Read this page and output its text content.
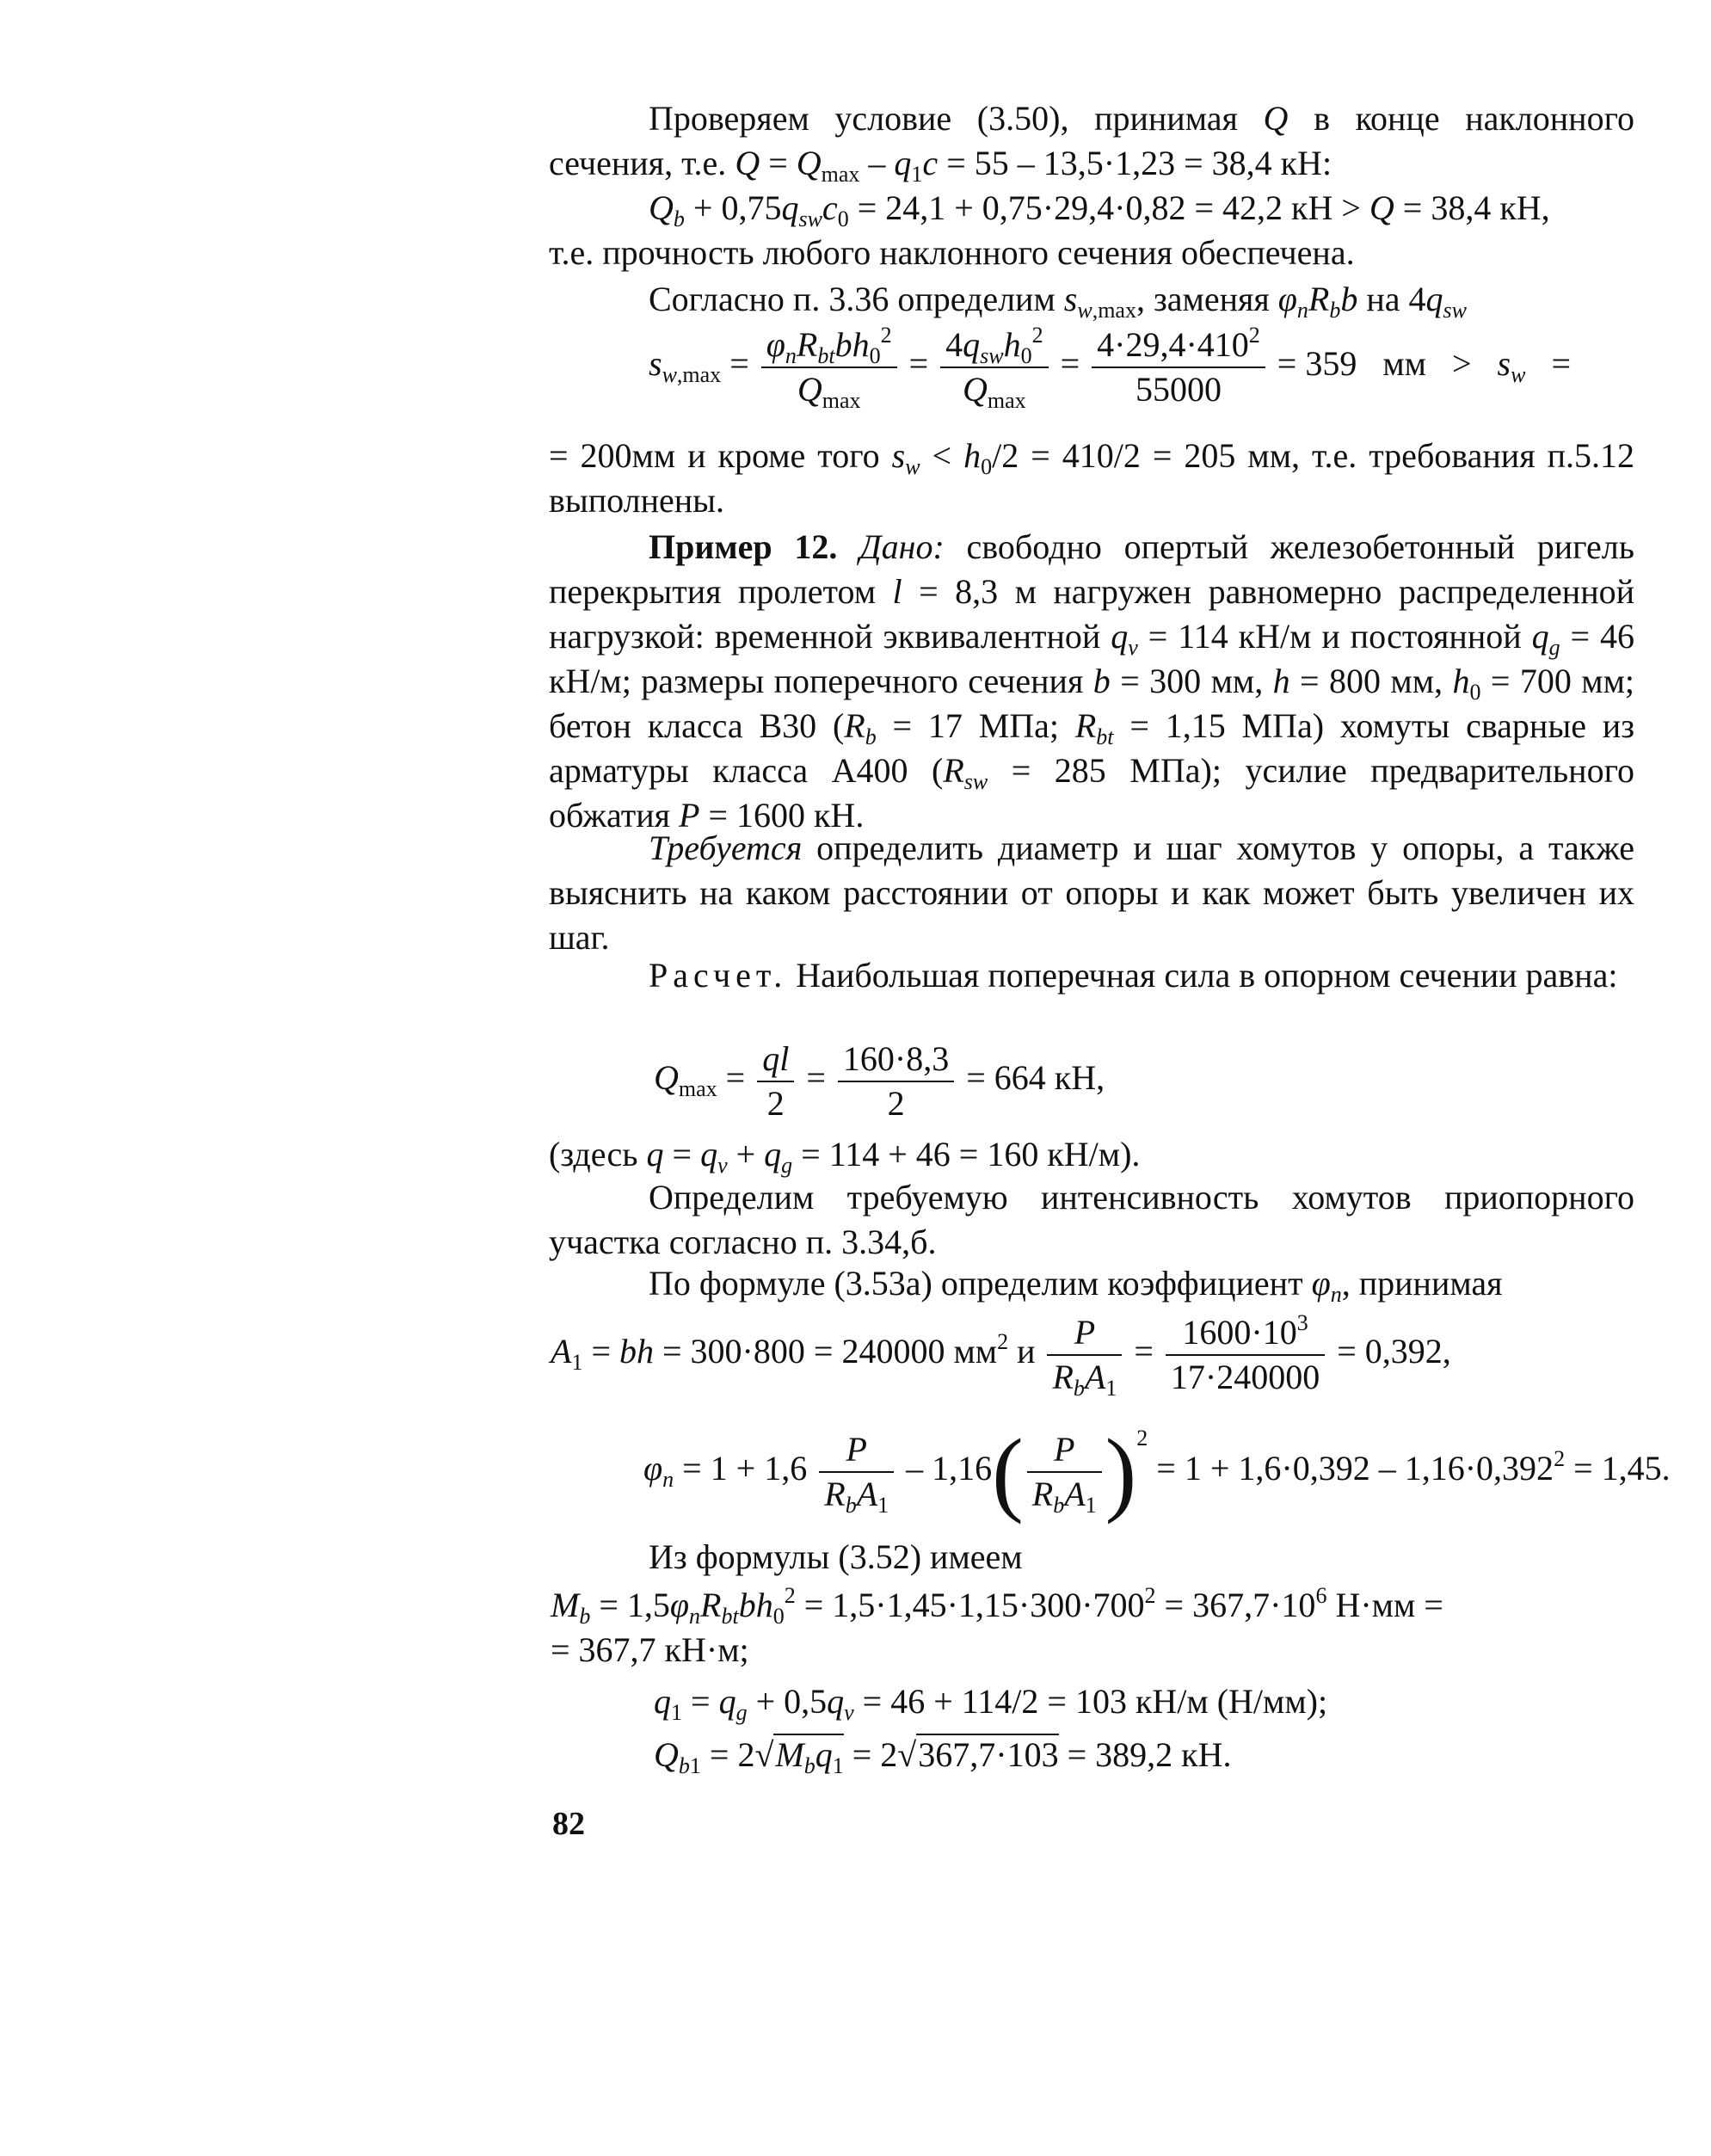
Проверяем условие (3.50), принимая Q в конце наклонного сечения, т.е. $Q = Q_{max} - q_1c = 55 - 13,5\cdot 1,23 = 38,4$ кН:

$Q_b + 0,75q_{sw}c_0 = 24,1 + 0,75\cdot 29,4\cdot 0,82 = 42,2$ кН > Q = 38,4 кН,

т.е. прочность любого наклонного сечения обеспечена.

Согласно п. 3.36 определим $s_{w,max}$, заменяя $\varphi_nR_bb$ на $4q_{sw}$

$s_{w,max} = \frac{\varphi_nR_{bt}bh_0^2}{Q_{max}} = \frac{4q_{sw}h_0^2}{Q_{max}} = \frac{4\cdot 29,4\cdot 410^2}{55000} = 359$   мм   >   $s_w$   =

= 200мм и кроме того $s_w < h_0/2 = 410/2 = 205$ мм, т.е. требования п.5.12 выполнены.

Пример 12. Дано: свободно опертый железобетонный ригель перекрытия пролетом l = 8,3 м нагружен равномерно распределенной нагрузкой: временной эквивалентной $q_v = 114$ кН/м и постоянной $q_g = 46$ кН/м; размеры поперечного сечения b = 300 мм, h = 800 мм, $h_0 = 700$ мм; бетон класса В30 ($R_b = 17$ МПа; $R_{bt} = 1,15$ МПа) хомуты сварные из арматуры класса А400 ($R_{sw} = 285$ МПа); усилие предварительного обжатия P = 1600 кН.

Требуется определить диаметр и шаг хомутов у опоры, а также выяснить на каком расстоянии от опоры и как может быть увеличен их шаг.

Расчет. Наибольшая поперечная сила в опорном сечении равна:

$Q_{max} = \frac{ql}{2} = \frac{160\cdot 8,3}{2} = 664$ кН,

(здесь $q = q_v + q_g = 114 + 46 = 160$ кН/м).

Определим требуемую интенсивность хомутов приопорного участка согласно п. 3.34,б.

По формуле (3.53а) определим коэффициент $\varphi_n$, принимая

$A_1$ = bh = 300·800 = 240000 $мм^2$ и $\frac{P}{R_bA_1} = \frac{1600\cdot 10^3}{17\cdot 240000} = 0,392$,
$\varphi_n = 1 + 1,6 \frac{P}{R_bA_1} - 1,16( \frac{P}{R_bA_1} )^2 = 1 + 1,6\cdot 0,392 - 1,16\cdot 0,392^2 = 1,45$.

Из формулы (3.52) имеем

$M_b = 1,5\varphi_nR_{bt}bh_0^2 = 1,5\cdot 1,45\cdot 1,15\cdot 300\cdot 700^2 = 367,7\cdot 10^6$ Н·мм =
= 367,7 кН·м;
$q_1 = q_g + 0,5q_v = 46 + 114/2 = 103$ кН/м (Н/мм);
$Q_{b1} = 2√M_bq_1 = 2√367,7\cdot 103 = 389,2$ кН.
82
